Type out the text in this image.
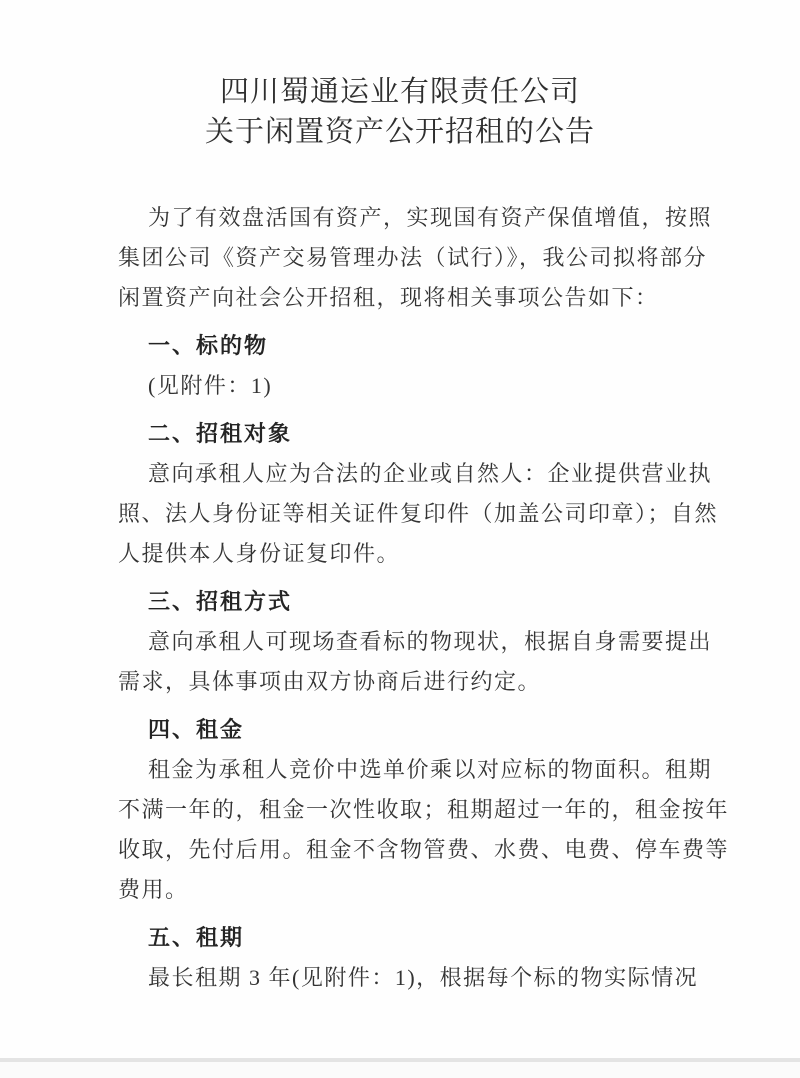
四川蜀通运业有限责任公司
关于闲置资产公开招租的公告
为了有效盘活国有资产，实现国有资产保值增值，按照
集团公司《资产交易管理办法（试行）》，我公司拟将部分
闲置资产向社会公开招租，现将相关事项公告如下：
一、标的物
(见附件：1)
二、招租对象
意向承租人应为合法的企业或自然人：企业提供营业执
照、法人身份证等相关证件复印件（加盖公司印章）；自然
人提供本人身份证复印件。
三、招租方式
意向承租人可现场查看标的物现状，根据自身需要提出
需求，具体事项由双方协商后进行约定。
四、租金
租金为承租人竞价中选单价乘以对应标的物面积。租期
不满一年的，租金一次性收取；租期超过一年的，租金按年
收取，先付后用。租金不含物管费、水费、电费、停车费等
费用。
五、租期
最长租期 3 年(见附件：1)，根据每个标的物实际情况
